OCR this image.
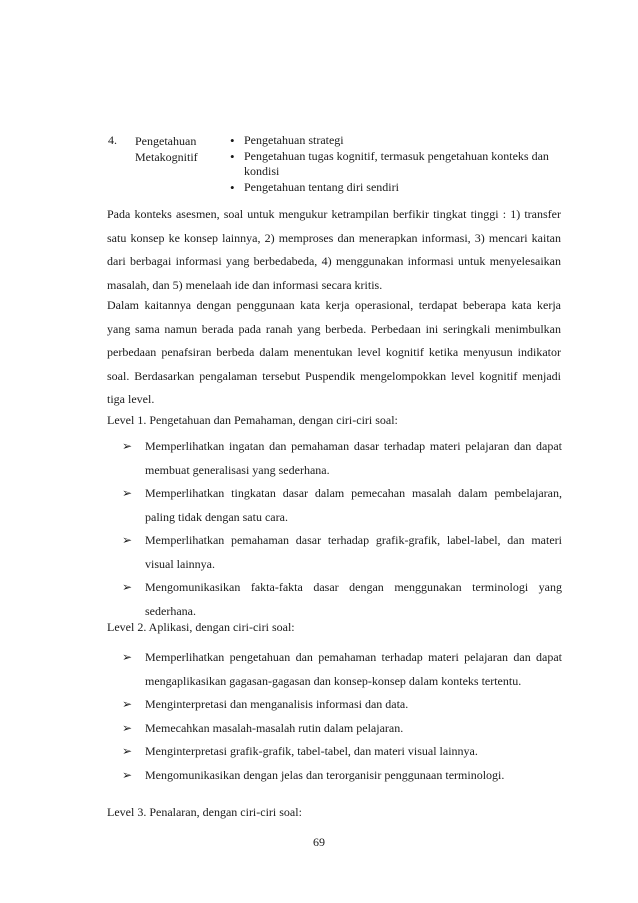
4. Pengetahuan Metakognitif
• Pengetahuan strategi
• Pengetahuan tugas kognitif, termasuk pengetahuan konteks dan kondisi
• Pengetahuan tentang diri sendiri

Pada konteks asesmen, soal untuk mengukur ketrampilan berfikir tingkat tinggi : 1) transfer satu konsep ke konsep lainnya, 2) memproses dan menerapkan informasi, 3) mencari kaitan dari berbagai informasi yang berbedabeda, 4) menggunakan informasi untuk menyelesaikan masalah, dan 5) menelaah ide dan informasi secara kritis.

Dalam kaitannya dengan penggunaan kata kerja operasional, terdapat beberapa kata kerja yang sama namun berada pada ranah yang berbeda. Perbedaan ini seringkali menimbulkan perbedaan penafsiran berbeda dalam menentukan level kognitif ketika menyusun indikator soal. Berdasarkan pengalaman tersebut Puspendik mengelompokkan level kognitif menjadi tiga level.

Level 1. Pengetahuan dan Pemahaman, dengan ciri-ciri soal:
➢ Memperlihatkan ingatan dan pemahaman dasar terhadap materi pelajaran dan dapat membuat generalisasi yang sederhana.
➢ Memperlihatkan tingkatan dasar dalam pemecahan masalah dalam pembelajaran, paling tidak dengan satu cara.
➢ Memperlihatkan pemahaman dasar terhadap grafik-grafik, label-label, dan materi visual lainnya.
➢ Mengomunikasikan fakta-fakta dasar dengan menggunakan terminologi yang sederhana.
Level 2. Aplikasi, dengan ciri-ciri soal:
➢ Memperlihatkan pengetahuan dan pemahaman terhadap materi pelajaran dan dapat mengaplikasikan gagasan-gagasan dan konsep-konsep dalam konteks tertentu.
➢ Menginterpretasi dan menganalisis informasi dan data.
➢ Memecahkan masalah-masalah rutin dalam pelajaran.
➢ Menginterpretasi grafik-grafik, tabel-tabel, dan materi visual lainnya.
➢ Mengomunikasikan dengan jelas dan terorganisir penggunaan terminologi.
Level 3. Penalaran, dengan ciri-ciri soal:
69
